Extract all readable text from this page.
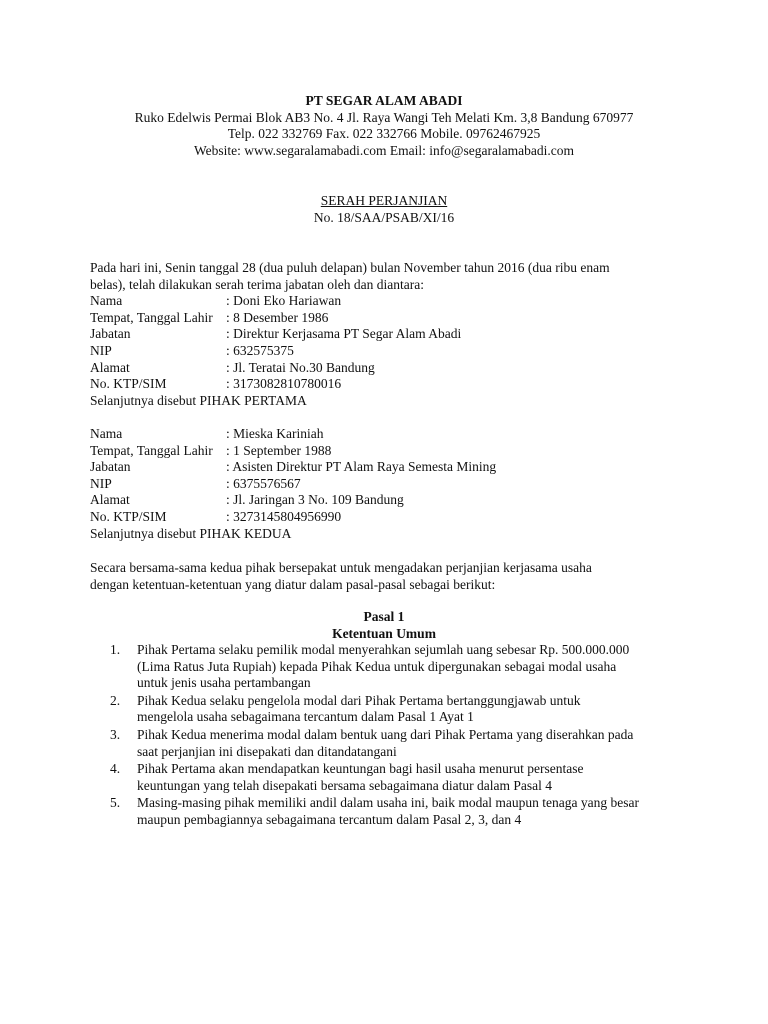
PT SEGAR ALAM ABADI
Ruko Edelwis Permai Blok AB3 No. 4 Jl. Raya Wangi Teh Melati Km. 3,8 Bandung 670977
Telp. 022 332769 Fax. 022 332766 Mobile. 09762467925
Website: www.segaralamabadi.com Email: info@segaralamabadi.com
SERAH PERJANJIAN
No. 18/SAA/PSAB/XI/16
Pada hari ini, Senin tanggal 28 (dua puluh delapan) bulan November tahun 2016 (dua ribu enam
belas), telah dilakukan serah terima jabatan oleh dan diantara:
Nama	: Doni Eko Hariawan
Tempat, Tanggal Lahir : 8 Desember 1986
Jabatan	: Direktur Kerjasama PT Segar Alam Abadi
NIP	: 632575375
Alamat	: Jl. Teratai No.30 Bandung
No. KTP/SIM	: 3173082810780016
Selanjutnya disebut PIHAK PERTAMA
Nama	: Mieska Kariniah
Tempat, Tanggal Lahir : 1 September 1988
Jabatan	: Asisten Direktur PT Alam Raya Semesta Mining
NIP	: 6375576567
Alamat	: Jl. Jaringan 3 No. 109 Bandung
No. KTP/SIM	: 3273145804956990
Selanjutnya disebut PIHAK KEDUA
Secara bersama-sama kedua pihak bersepakat untuk mengadakan perjanjian kerjasama usaha
dengan ketentuan-ketentuan yang diatur dalam pasal-pasal sebagai berikut:
Pasal 1
Ketentuan Umum
1.	Pihak Pertama selaku pemilik modal menyerahkan sejumlah uang sebesar Rp. 500.000.000
(Lima Ratus Juta Rupiah) kepada Pihak Kedua untuk dipergunakan sebagai modal usaha
untuk jenis usaha pertambangan
2.	Pihak Kedua selaku pengelola modal dari Pihak Pertama bertanggungjawab untuk
mengelola usaha sebagaimana tercantum dalam Pasal 1 Ayat 1
3.	Pihak Kedua menerima modal dalam bentuk uang dari Pihak Pertama yang diserahkan pada
saat perjanjian ini disepakati dan ditandatangani
4.	Pihak Pertama akan mendapatkan keuntungan bagi hasil usaha menurut persentase
keuntungan yang telah disepakati bersama sebagaimana diatur dalam Pasal 4
5.	Masing-masing pihak memiliki andil dalam usaha ini, baik modal maupun tenaga yang besar
maupun pembagiannya sebagaimana tercantum dalam Pasal 2, 3, dan 4
